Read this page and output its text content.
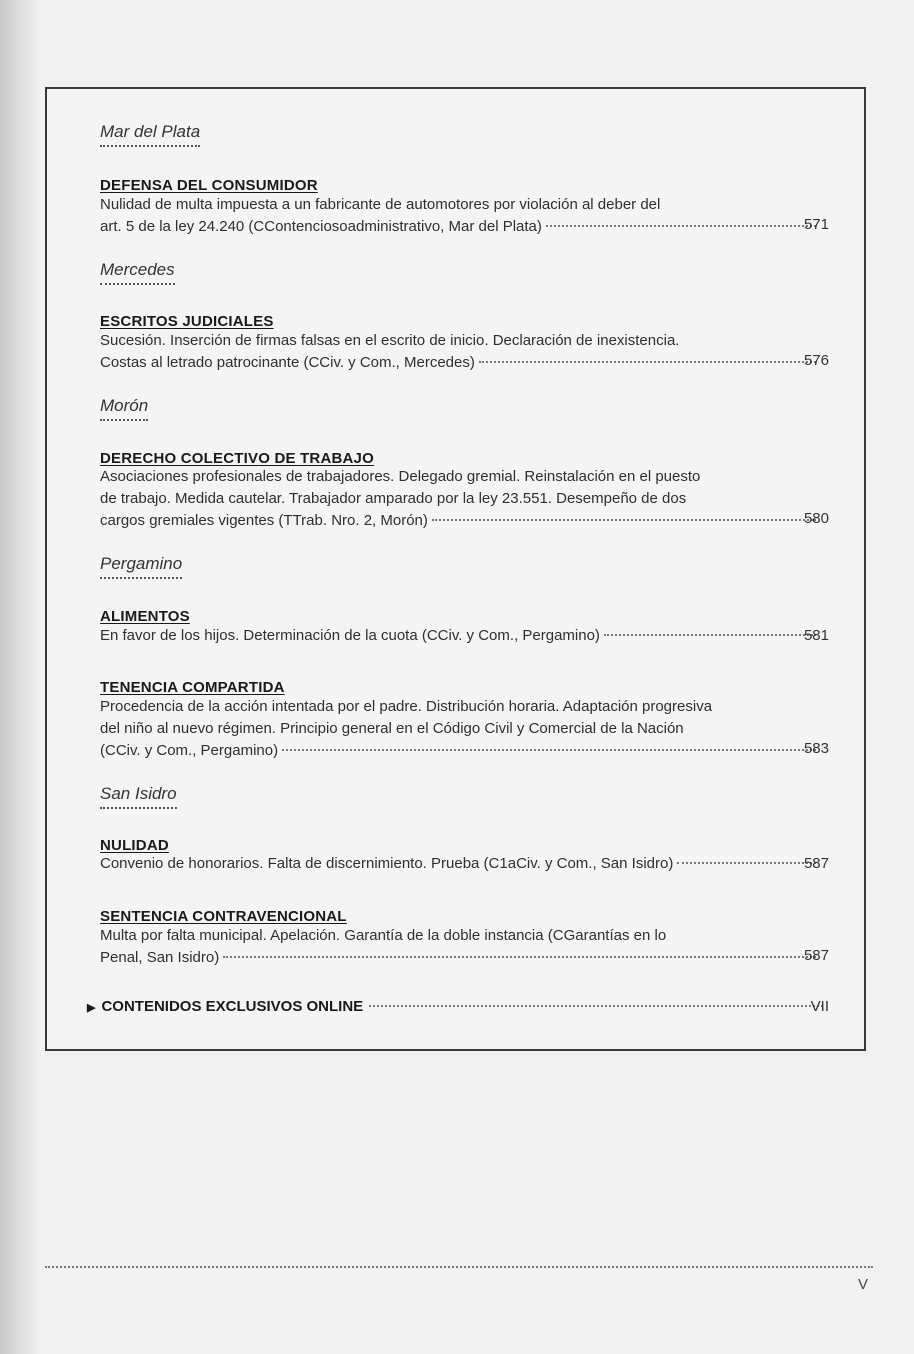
Mar del Plata
DEFENSA DEL CONSUMIDOR

Nulidad de multa impuesta a un fabricante de automotores por violación al deber del

art. 5 de la ley 24.240 (CContenciosoadministrativo, Mar del Plata)	571
Mercedes
ESCRITOS JUDICIALES

Sucesión. Inserción de firmas falsas en el escrito de inicio. Declaración de inexistencia.

Costas al letrado patrocinante (CCiv. y Com., Mercedes)	576
Morón
DERECHO COLECTIVO DE TRABAJO

Asociaciones profesionales de trabajadores. Delegado gremial. Reinstalación en el puesto

de trabajo. Medida cautelar. Trabajador amparado por la ley 23.551. Desempeño de dos

cargos gremiales vigentes (TTrab. Nro. 2, Morón)	580
Pergamino
ALIMENTOS
En favor de los hijos. Determinación de la cuota (CCiv. y Com., Pergamino)	581
TENENCIA COMPARTIDA

Procedencia de la acción intentada por el padre. Distribución horaria. Adaptación progresiva

del niño al nuevo régimen. Principio general en el Código Civil y Comercial de la Nación

(CCiv. y Com., Pergamino)	583
San Isidro
NULIDAD
Convenio de honorarios. Falta de discernimiento. Prueba (C1aCiv. y Com., San Isidro)	587
SENTENCIA CONTRAVENCIONAL

Multa por falta municipal. Apelación. Garantía de la doble instancia (CGarantías en lo

Penal, San Isidro)	587
▶ CONTENIDOS EXCLUSIVOS ONLINE	VII
V
